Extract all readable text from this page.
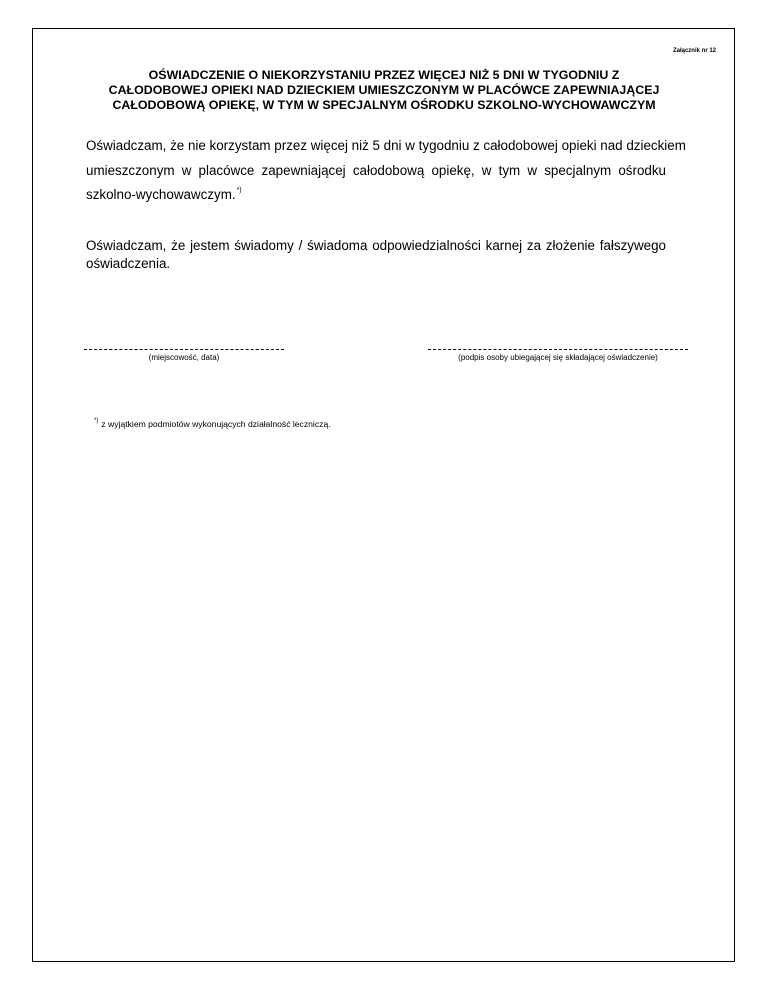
Załącznik nr 12
OŚWIADCZENIE O NIEKORZYSTANIU PRZEZ WIĘCEJ NIŻ 5 DNI W TYGODNIU Z
CAŁODOBOWEJ OPIEKI NAD DZIECKIEM UMIESZCZONYM W PLACÓWCE ZAPEWNIAJĄCEJ
CAŁODOBOWĄ OPIEKĘ, W TYM W SPECJALNYM OŚRODKU SZKOLNO-WYCHOWAWCZYM
Oświadczam, że nie korzystam przez więcej niż 5 dni w tygodniu z całodobowej opieki nad dzieckiem
umieszczonym w placówce zapewniającej całodobową opiekę, w tym w specjalnym ośrodku
szkolno-wychowawczym.*)
Oświadczam, że jestem świadomy / świadoma odpowiedzialności karnej za złożenie fałszywego
oświadczenia.
(miejscowość, data)	(podpis osoby ubiegającej się składającej oświadczenie)
*) z wyjątkiem podmiotów wykonujących działalność leczniczą.
